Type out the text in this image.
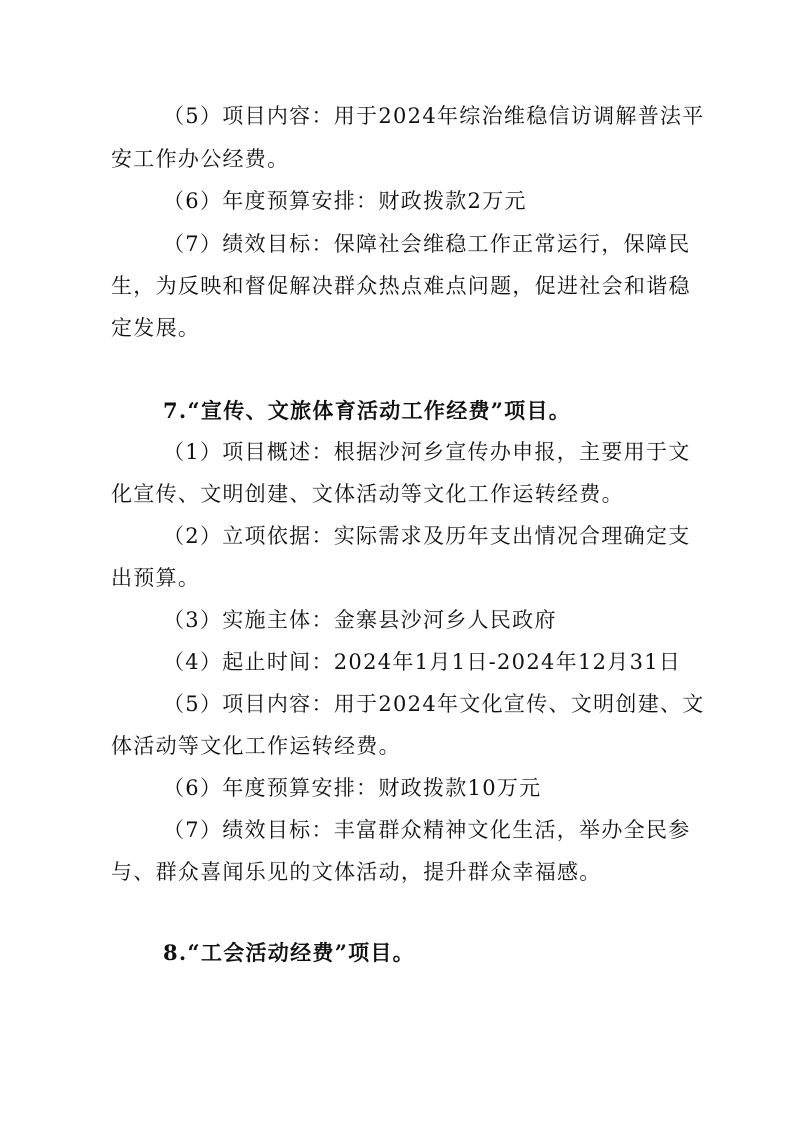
（5）项目内容：用于2024年综治维稳信访调解普法平
安工作办公经费。
（6）年度预算安排：财政拨款2万元
（7）绩效目标：保障社会维稳工作正常运行，保障民
生，为反映和督促解决群众热点难点问题，促进社会和谐稳
定发展。
7.“宣传、文旅体育活动工作经费”项目。
（1）项目概述：根据沙河乡宣传办申报，主要用于文
化宣传、文明创建、文体活动等文化工作运转经费。
（2）立项依据：实际需求及历年支出情况合理确定支
出预算。
（3）实施主体：金寨县沙河乡人民政府
（4）起止时间：2024年1月1日-2024年12月31日
（5）项目内容：用于2024年文化宣传、文明创建、文
体活动等文化工作运转经费。
（6）年度预算安排：财政拨款10万元
（7）绩效目标：丰富群众精神文化生活，举办全民参
与、群众喜闻乐见的文体活动，提升群众幸福感。
8.“工会活动经费”项目。
